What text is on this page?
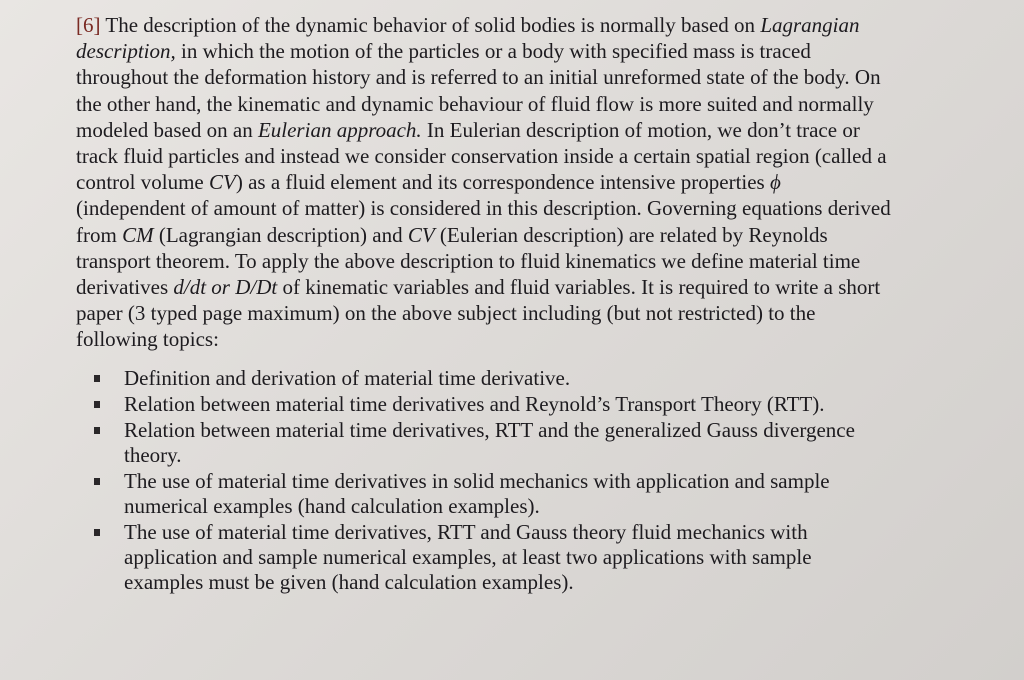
[6] The description of the dynamic behavior of solid bodies is normally based on Lagrangian
description, in which the motion of the particles or a body with specified mass is traced
throughout the deformation history and is referred to an initial unreformed state of the body. On
the other hand, the kinematic and dynamic behaviour of fluid flow is more suited and normally
modeled based on an Eulerian approach. In Eulerian description of motion, we don’t trace or
track fluid particles and instead we consider conservation inside a certain spatial region (called a
control volume CV) as a fluid element and its correspondence intensive properties ϕ
(independent of amount of matter) is considered in this description. Governing equations derived
from CM (Lagrangian description) and CV (Eulerian description) are related by Reynolds
transport theorem. To apply the above description to fluid kinematics we define material time
derivatives d/dt or D/Dt of kinematic variables and fluid variables. It is required to write a short
paper (3 typed page maximum) on the above subject including (but not restricted) to the
following topics:
Definition and derivation of material time derivative.
Relation between material time derivatives and Reynold’s Transport Theory (RTT).
Relation between material time derivatives, RTT and the generalized Gauss divergence
theory.
The use of material time derivatives in solid mechanics with application and sample
numerical examples (hand calculation examples).
The use of material time derivatives, RTT and Gauss theory fluid mechanics with
application and sample numerical examples, at least two applications with sample
examples must be given (hand calculation examples).
